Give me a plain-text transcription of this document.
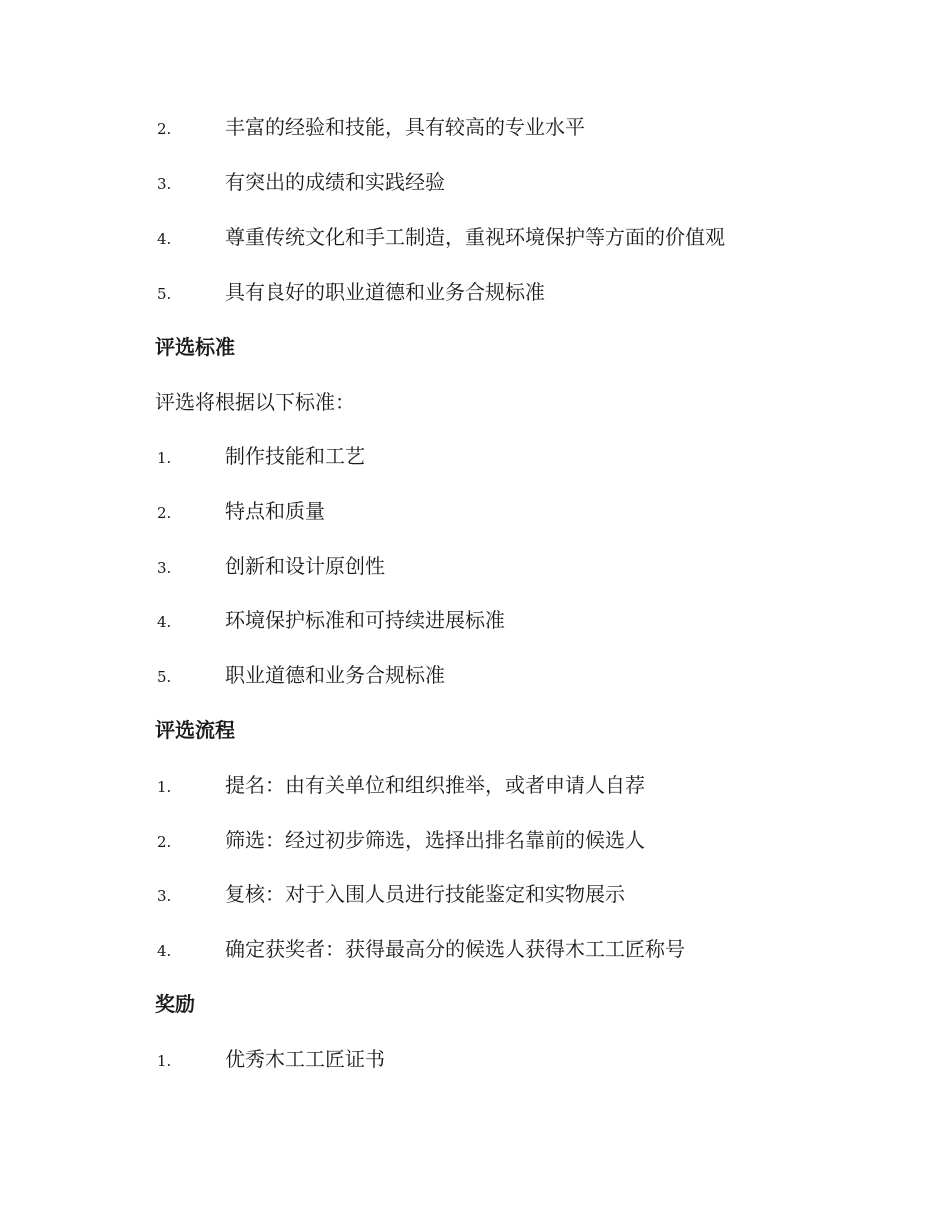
2.	丰富的经验和技能，具有较高的专业水平
3.	有突出的成绩和实践经验
4.	尊重传统文化和手工制造，重视环境保护等方面的价值观
5.	具有良好的职业道德和业务合规标准
评选标准
评选将根据以下标准：
1.	制作技能和工艺
2.	特点和质量
3.	创新和设计原创性
4.	环境保护标准和可持续进展标准
5.	职业道德和业务合规标准
评选流程
1.	提名：由有关单位和组织推举，或者申请人自荐
2.	筛选：经过初步筛选，选择出排名靠前的候选人
3.	复核：对于入围人员进行技能鉴定和实物展示
4.	确定获奖者：获得最高分的候选人获得木工工匠称号
奖励
1.	优秀木工工匠证书
